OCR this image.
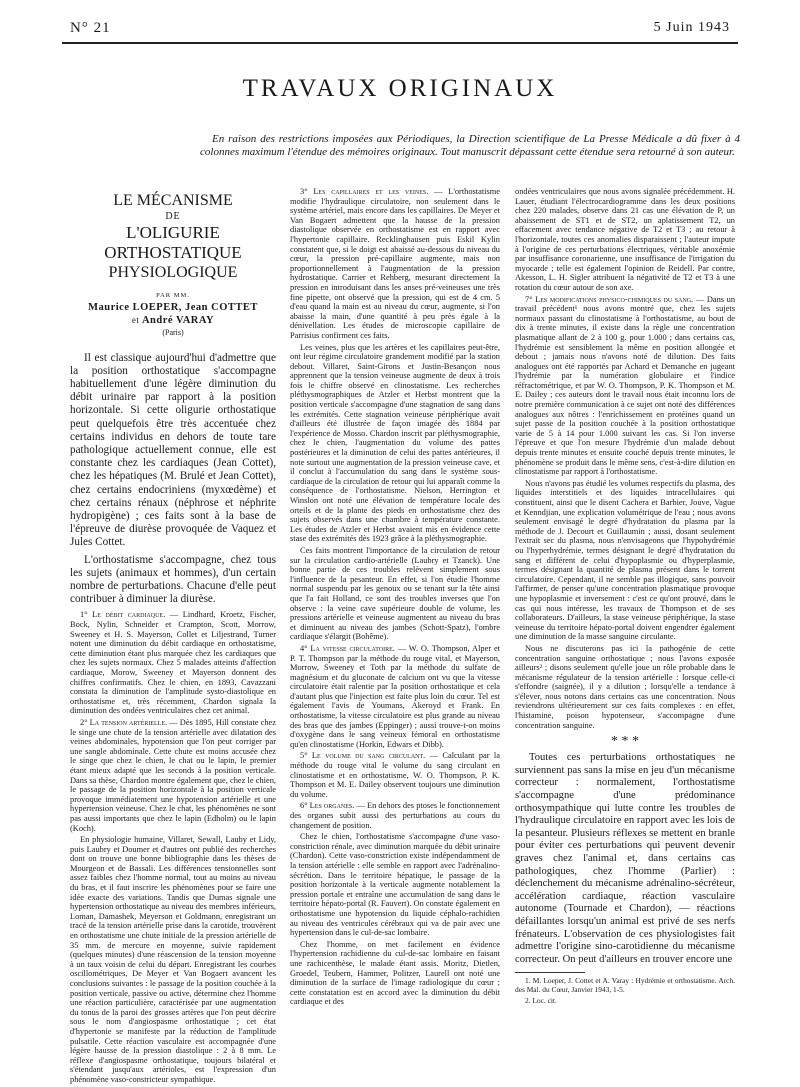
N° 21	5 Juin 1943
TRAVAUX ORIGINAUX
En raison des restrictions imposées aux Périodiques, la Direction scientifique de La Presse Médicale a dû fixer à 4 colonnes maximum l'étendue des mémoires originaux. Tout manuscrit dépassant cette étendue sera retourné à son auteur.
LE MÉCANISME
DE
L'OLIGURIE ORTHOSTATIQUE
PHYSIOLOGIQUE
PAR MM.
Maurice LOEPER, Jean COTTET
et André VARAY
(Paris)

Il est classique aujourd'hui d'admettre que la position orthostatique s'accompagne habituellement d'une légère diminution du débit urinaire par rapport à la position horizontale. Si cette oligurie orthostatique peut quelquefois être très accentuée chez certains individus en dehors de toute tare pathologique actuellement connue, elle est constante chez les cardiaques (Jean Cottet), chez les hépatiques (M. Brulé et Jean Cottet), chez certains endocriniens (myxœdème) et chez certains rénaux (néphrose et néphrite hydropigène) ; ces faits sont à la base de l'épreuve de diurèse provoquée de Vaquez et Jules Cottet.

L'orthostatisme s'accompagne, chez tous les sujets (animaux et hommes), d'un certain nombre de perturbations. Chacune d'elle peut contribuer à diminuer la diurèse.

1° Le débit cardiaque. — Lindhard, Kroetz, Fischer, Bock, Nylin, Schneider et Crampton, Scott, Morrow, Sweeney et H. S. Mayerson, Collet et Liljestrand, Turner notent une diminution du débit cardiaque en orthostatisme, cette diminution étant plus marquée chez les cardiaques que chez les sujets normaux. Chez 5 malades atteints d'affection cardiaque, Morow, Sweeney et Mayerson donnent des chiffres confirmatifs. Chez le chien, en 1893, Cavazzani constata la diminution de l'amplitude systo-diastolique en orthostatisme et, très récemment, Chardon signala la diminution des ondées ventriculaires chez cet animal.

2° La tension artérielle. — Dès 1895, Hill constate chez le singe une chute de la tension artérielle avec dilatation des veines abdominales, hypotension que l'on peut corriger par une sangle abdominale. Cette chute est moins accusée chez le singe que chez le chien, le chat ou le lapin, le premier étant mieux adapté que les seconds à la position verticale. Dans sa thèse, Chardon montre également que, chez le chien, le passage de la position horizontale à la position verticale provoque immédiatement une hypotension artérielle et une hypertension veineuse. Chez le chat, les phénomènes ne sont pas aussi importants que chez le lapin (Edholm) ou le lapin (Koch).

En physiologie humaine, Villaret, Sewall, Lauby et Lidy, puis Laubry et Doumer et d'autres ont publié des recherches dont on trouve une bonne bibliographie dans les thèses de Mourgeon et de Bassali. Les différences tensionnelles sont assez faibles chez l'homme normal, tout au moins au niveau du bras, et il faut inscrire les phénomènes pour se faire une idée exacte des variations. Tandis que Dumas signale une hypertension orthostatique au niveau des membres inférieurs, Loman, Damashek, Meyerson et Goldmann, enregistrant un tracé de la tension artérielle prise dans la carotide, trouvèrent en orthostatisme une chute initiale de la pression artérielle de 35 mm. de mercure en moyenne, suivie rapidement (quelques minutes) d'une réascension de la tension moyenne à un taux voisin de celui du départ. Enregistrant les courbes oscillométriques, De Meyer et Van Bogaert avancent les conclusions suivantes : le passage de la position couchée à la position verticale, passive ou active, détermine chez l'homme une réaction particulière, caractérisée par une augmentation du tonus de la paroi des grosses artères que l'on peut décrire sous le nom d'angiospasme orthostatique ; cet état d'hypertonie se manifeste par la réduction de l'amplitude pulsatile. Cette réaction vasculaire est accompagnée d'une légère hausse de la pression diastolique : 2 à 8 mm. Le réflexe d'angiospasme orthostatique, toujours bilatéral et s'étendant jusqu'aux artérioles, est l'expression d'un phénomène vaso-constricteur sympathique.

3° Les capillaires et les veines. — L'orthostatisme modifie l'hydraulique circulatoire, non seulement dans le système artériel, mais encore dans les capillaires. De Meyer et Van Bogaert admettent que la hausse de la pression diastolique observée en orthostatisme est en rapport avec l'hypertonie capillaire. Recklinghausen puis Eskil Kylin constatent que, si le doigt est abaissé au-dessous du niveau du cœur, la pression pré-capillaire augmente, mais non proportionnellement à l'augmentation de la pression hydrostatique. Carrier et Rehberg, mesurant directement la pression en introduisant dans les anses pré-veineuses une très fine pipette, ont observé que la pression, qui est de 4 cm. 5 d'eau quand la main est au niveau du cœur, augmente, si l'on abaisse la main, d'une quantité à peu près égale à la dénivellation. Les études de microscopie capillaire de Parrisius confirment ces faits.

Les veines, plus que les artères et les capillaires peut-être, ont leur régime circulatoire grandement modifié par la station debout. Villaret, Saint-Girons et Justin-Besançon nous apprennent que la tension veineuse augmente de deux à trois fois le chiffre observé en clinostatisme. Les recherches pléthysmographiques de Atzler et Herbst montrent que la position verticale s'accompagne d'une stagnation de sang dans les extrémités. Cette stagnation veineuse périphérique avait d'ailleurs été illustrée de façon imagée dès 1884 par l'expérience de Mosso. Chardon inscrit par pléthysmographie, chez le chien, l'augmentation du volume des pattes postérieures et la diminution de celui des pattes antérieures, il note surtout une augmentation de la pression veineuse cave, et il conclut à l'accumulation du sang dans le système sous-cardiaque de la circulation de retour qui lui apparaît comme la conséquence de l'orthostatisme. Nielson, Herrington et Winslon ont noté une élévation de température locale des orteils et de la plante des pieds en orthostatisme chez des sujets observés dans une chambre à température constante. Les études de Atzler et Herbst avaient mis en évidence cette stase des extrémités dès 1923 grâce à la pléthysmographie.

Ces faits montrent l'importance de la circulation de retour sur la circulation cardio-artérielle (Laubry et Tzanck). Une bonne partie de ces troubles relèvent simplement sous l'influence de la pesanteur. En effet, si l'on étudie l'homme normal suspendu par les genoux ou se tenant sur la tête ainsi que l'a fait Holland, ce sont des troubles inverses que l'on observe : la veine cave supérieure double de volume, les pressions artérielle et veineuse augmentent au niveau du bras et diminuent au niveau des jambes (Schott-Spatz), l'ombre cardiaque s'élargit (Bohême).

4° La vitesse circulatoire. — W. O. Thompson, Alper et P. T. Thompson par la méthode du rouge vital, et Mayerson, Morrow, Sweeney et Toth par la méthode du sulfate de magnésium et du gluconate de calcium ont vu que la vitesse circulatoire était ralentie par la position orthostatique et cela d'autant plus que l'injection est faite plus loin du cœur. Tel est également l'avis de Youmans, Akeroyd et Frank. En orthostatisme, la vitesse circulatoire est plus grande au niveau des bras que des jambes (Eppinger) ; aussi trouve-t-on moins d'oxygène dans le sang veineux fémoral en orthostatisme qu'en clinostatisme (Horkin, Edwars et Dibb).

5° Le volume du sang circulant. — Calculant par la méthode du rouge vital le volume du sang circulant en clinostatisme et en orthostatisme, W. O. Thompson, P. K. Thompson et M. E. Dailey observent toujours une diminution du volume.

6° Les organes. — En dehors des ptoses le fonctionnement des organes subit aussi des perturbations au cours du changement de position.

Chez le chien, l'orthostatisme s'accompagne d'une vaso-constriction rénale, avec diminution marquée du débit urinaire (Chardon). Cette vaso-constriction existe indépendamment de la tension artérielle : elle semble en rapport avec l'adrénalino-sécrétion. Dans le territoire hépatique, le passage de la position horizontale à la verticale augmente notablement la pression portale et entraîne une accumulation de sang dans le territoire hépato-portal (R. Fauvert). On constate également en orthostatisme une hypotension du liquide céphalo-rachidien au niveau des ventricules cérébraux qui va de pair avec une hypertension dans le cul-de-sac lombaire.

Chez l'homme, on met facilement en évidence l'hypertension rachidienne du cul-de-sac lombaire en faisant une rachicenthèse, le malade étant assis. Moritz, Dietlen, Groedel, Teubern, Hammer, Politzer, Laurell ont noté une diminution de la surface de l'image radiologique du cœur ; cette constatation est en accord avec la diminution du débit cardiaque et des

ondées ventriculaires que nous avons signalée précédemment. H. Lauer, étudiant l'électrocardiogramme dans les deux positions chez 220 malades, observe dans 21 cas une élévation de P, un abaissement de ST1 et de ST2, un aplatissement T2, un effacement avec tendance négative de T2 et T3 ; au retour à l'horizontale, toutes ces anomalies disparaissent ; l'auteur impute à l'origine de ces perturbations électriques, véritable anoxémie par insuffisance coronarienne, une insuffisance de l'irrigation du myocarde ; telle est également l'opinion de Reidell. Par contre, Akesson, L. H. Sigler attribuent la négativité de T2 et T3 à une rotation du cœur autour de son axe.

7° Les modifications physico-chimiques du sang. — Dans un travail précédent¹ nous avons montré que, chez les sujets normaux passant du clinostatisme à l'orthostatisme, au bout de dix à trente minutes, il existe dans la règle une concentration plasmatique allant de 2 à 100 g. pour 1.000 ; dans certains cas, l'hydrémie est sensiblement la même en position allongée et debout ; jamais nous n'avons noté de dilution. Des faits analogues ont été rapportés par Achard et Demanche en jugeant l'hydrémie par la numération globulaire et l'indice réfractométrique, et par W. O. Thompson, P. K. Thompson et M. E. Dailey ; ces auteurs dont le travail nous était inconnu lors de notre première communication à ce sujet ont noté des différences analogues aux nôtres : l'enrichissement en protéines quand un sujet passe de la position couchée à la position orthostatique varie de 5 à 14 pour 1.000 suivant les cas. Si l'on inverse l'épreuve et que l'on mesure l'hydrémie d'un malade debout depuis trente minutes et ensuite couché depuis trente minutes, le phénomène se produit dans le même sens, c'est-à-dire dilution en clinostatisme par rapport à l'orthostatisme.

Nous n'avons pas étudié les volumes respectifs du plasma, des liquides interstitiels et des liquides intracellulaires qui constituent, ainsi que le disent Cachera et Barbier, Jouve, Vague et Kenndjian, une explication volumétrique de l'eau ; nous avons seulement envisagé le degré d'hydratation du plasma par la méthode de J. Decourt et Guillaumin ; aussi, dosant seulement l'extrait sec du plasma, nous n'envisageons que l'hypohydrémie ou l'hyperhydrémie, termes désignant le degré d'hydratation du sang et différent de celui d'hypoplasmie ou d'hyperplasmie, termes désignant la quantité de plasma présent dans le torrent circulatoire. Cependant, il ne semble pas illogique, sans pouvoir l'affirmer, de penser qu'une concentration plasmatique provoque une hypoplasmie et inversement : c'est ce qu'ont prouvé, dans le cas qui nous intéresse, les travaux de Thompson et de ses collaborateurs. D'ailleurs, la stase veineuse périphérique, la stase veineuse du territoire hépato-portal doivent engendrer également une diminution de la masse sanguine circulante.

Nous ne discuterons pas ici la pathogénie de cette concentration sanguine orthostatique ; nous l'avons exposée ailleurs² ; disons seulement qu'elle joue un rôle probable dans le mécanisme régulateur de la tension artérielle : lorsque celle-ci s'effondre (saignée), il y a dilution ; lorsqu'elle a tendance à s'élever, nous notons dans certains cas une concentration. Nous reviendrons ultérieurement sur ces faits complexes : en effet, l'histamine, poison hypotenseur, s'accompagne d'une concentration sanguine.

* * *

Toutes ces perturbations orthostatiques ne surviennent pas sans la mise en jeu d'un mécanisme correcteur : normalement, l'orthostatisme s'accompagne d'une prédominance orthosympathique qui lutte contre les troubles de l'hydraulique circulatoire en rapport avec les lois de la pesanteur. Plusieurs réflexes se mettent en branle pour éviter ces perturbations qui peuvent devenir graves chez l'animal et, dans certains cas pathologiques, chez l'homme (Parlier) : déclenchement du mécanisme adrénalino-sécréteur, accélération cardiaque, réaction vasculaire autonome (Tournade et Chardon), — réactions défaillantes lorsqu'un animal est privé de ses nerfs frénateurs. L'observation de ces physiologistes fait admettre l'origine sino-carotidienne du mécanisme correcteur. On peut d'ailleurs en trouver encore une

1. M. Loeper, J. Cottet et A. Varay : Hydrémie et orthostatisme. Arch. des Mal. du Cœur, Janvier 1943, 1-5.

2. Loc. cit.
